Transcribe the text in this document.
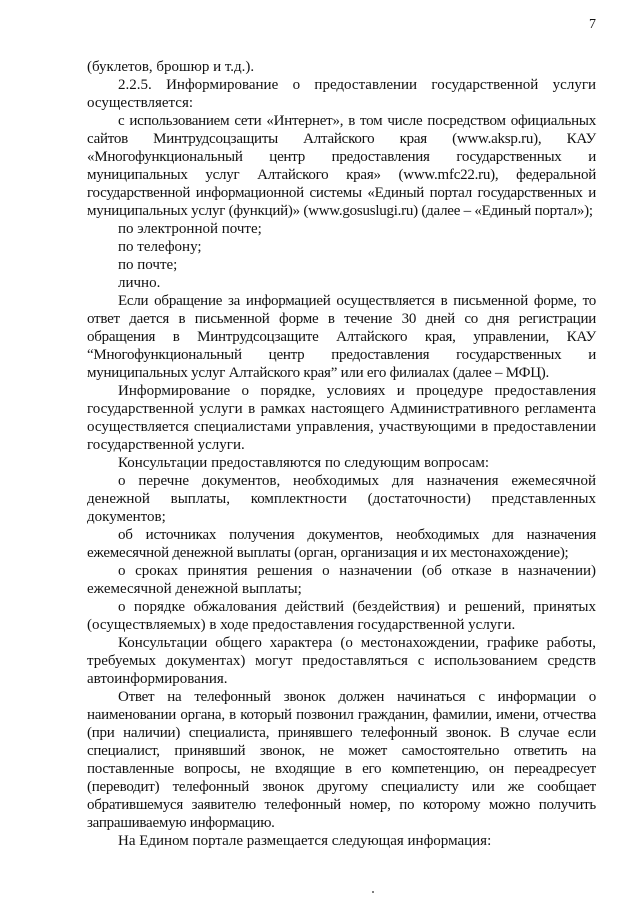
7

(буклетов, брошюр и т.д.).

2.2.5. Информирование о предоставлении государственной услуги осуществляется:

с использованием сети «Интернет», в том числе посредством официальных сайтов Минтрудсоцзащиты Алтайского края (www.aksp.ru), КАУ «Многофункциональный центр предоставления государственных и муниципальных услуг Алтайского края» (www.mfc22.ru), федеральной государственной информационной системы «Единый портал государственных и муниципальных услуг (функций)» (www.gosuslugi.ru) (далее – «Единый портал»);

по электронной почте;

по телефону;

по почте;

лично.

Если обращение за информацией осуществляется в письменной форме, то ответ дается в письменной форме в течение 30 дней со дня регистрации обращения в Минтрудсоцзащите Алтайского края, управлении, КАУ “Многофункциональный центр предоставления государственных и муниципальных услуг Алтайского края” или его филиалах (далее – МФЦ).

Информирование о порядке, условиях и процедуре предоставления государственной услуги в рамках настоящего Административного регламента осуществляется специалистами управления, участвующими в предоставлении государственной услуги.

Консультации предоставляются по следующим вопросам:

о перечне документов, необходимых для назначения ежемесячной денежной выплаты, комплектности (достаточности) представленных документов;

об источниках получения документов, необходимых для назначения ежемесячной денежной выплаты (орган, организация и их местонахождение);

о сроках принятия решения о назначении (об отказе в назначении) ежемесячной денежной выплаты;

о порядке обжалования действий (бездействия) и решений, принятых (осуществляемых) в ходе предоставления государственной услуги.

Консультации общего характера (о местонахождении, графике работы, требуемых документах) могут предоставляться с использованием средств автоинформирования.

Ответ на телефонный звонок должен начинаться с информации о наименовании органа, в который позвонил гражданин, фамилии, имени, отчества (при наличии) специалиста, принявшего телефонный звонок. В случае если специалист, принявший звонок, не может самостоятельно ответить на поставленные вопросы, не входящие в его компетенцию, он переадресует (переводит) телефонный звонок другому специалисту или же сообщает обратившемуся заявителю телефонный номер, по которому можно получить запрашиваемую информацию.

На Едином портале размещается следующая информация:
